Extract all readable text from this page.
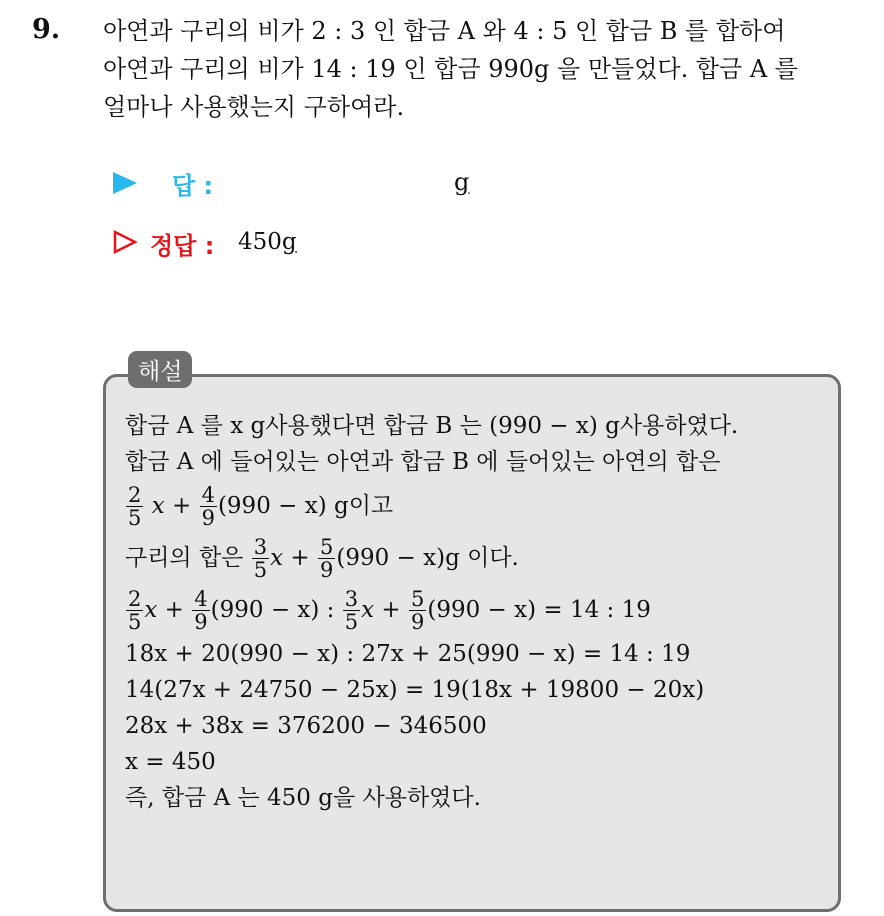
9. 아연과 구리의 비가 2 : 3 인 합금 A 와 4 : 5 인 합금 B 를 합하여
아연과 구리의 비가 14 : 19 인 합금 990g 을 만들었다. 합금 A 를
얼마나 사용했는지 구하여라.
답 :	g
정답 : 450g
해설
합금 A 를 x g사용했다면 합금 B 는 (990 − x) g사용하였다.
합금 A 에 들어있는 아연과 합금 B 에 들어있는 아연의 합은
$\frac{2}{5}$
$x + \frac{4}{9} (990 - x)$ g이고
구리의 합은
$\frac{3}{5}$ $x + \frac{5}{9} (990 - x)g$ 이다.
$\frac{2}{5}$ $x + \frac{4}{9} (990 - x)$ :
$\frac{3}{5}$ $x + \frac{5}{9} (990 - x) = 14$ : 19
18x + 20(990 − x) : 27x + 25(990 − x) = 14 : 19
14(27x + 24750 − 25x) = 19(18x + 19800 − 20x)
28x + 38x = 376200 − 346500
x = 450
즉, 합금 A 는 450 g을 사용하였다.
